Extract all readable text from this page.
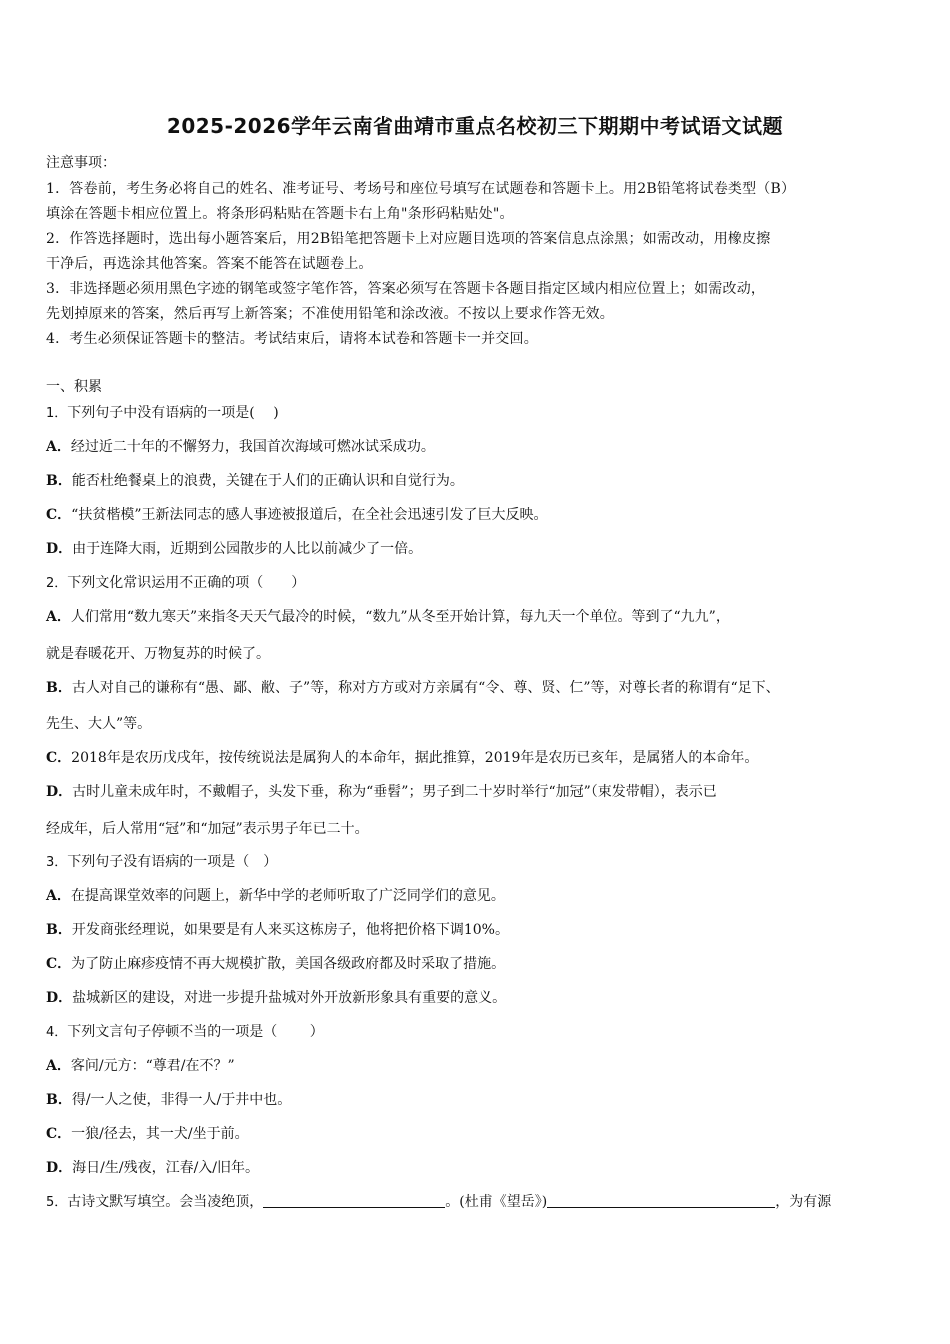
2025-2026学年云南省曲靖市重点名校初三下期期中考试语文试题
注意事项：
1．答卷前，考生务必将自己的姓名、准考证号、考场号和座位号填写在试题卷和答题卡上。用2B铅笔将试卷类型（B）
填涂在答题卡相应位置上。将条形码粘贴在答题卡右上角"条形码粘贴处"。
2．作答选择题时，选出每小题答案后，用2B铅笔把答题卡上对应题目选项的答案信息点涂黑；如需改动，用橡皮擦
干净后，再选涂其他答案。答案不能答在试题卷上。
3．非选择题必须用黑色字迹的钢笔或签字笔作答，答案必须写在答题卡各题目指定区域内相应位置上；如需改动，
先划掉原来的答案，然后再写上新答案；不准使用铅笔和涂改液。不按以上要求作答无效。
4．考生必须保证答题卡的整洁。考试结束后，请将本试卷和答题卡一并交回。
一、积累
1．下列句子中没有语病的一项是(　 )
A．经过近二十年的不懈努力，我国首次海域可燃冰试采成功。
B．能否杜绝餐桌上的浪费，关键在于人们的正确认识和自觉行为。
C．“扶贫楷模”王新法同志的感人事迹被报道后，在全社会迅速引发了巨大反映。
D．由于连降大雨，近期到公园散步的人比以前减少了一倍。
2．下列文化常识运用不正确的项（　　）
A．人们常用“数九寒天”来指冬天天气最冷的时候，“数九”从冬至开始计算，每九天一个单位。等到了“九九”，
就是春暖花开、万物复苏的时候了。
B．古人对自己的谦称有“愚、鄙、敝、子”等，称对方方或对方亲属有“令、尊、贤、仁”等，对尊长者的称谓有“足下、
先生、大人”等。
C．2018年是农历戊戌年，按传统说法是属狗人的本命年，据此推算，2019年是农历已亥年，是属猪人的本命年。
D．古时儿童未成年时，不戴帽子，头发下垂，称为“垂髫”；男子到二十岁时举行“加冠”（束发带帽），表示已
经成年，后人常用“冠”和“加冠”表示男子年已二十。
3．下列句子没有语病的一项是（　）
A．在提高课堂效率的问题上，新华中学的老师听取了广泛同学们的意见。
B．开发商张经理说，如果要是有人来买这栋房子，他将把价格下调10%。
C．为了防止麻疹疫情不再大规模扩散，美国各级政府都及时采取了措施。
D．盐城新区的建设，对进一步提升盐城对外开放新形象具有重要的意义。
4．下列文言句子停顿不当的一项是（　　 ）
A．客问/元方：“尊君/在不？”
B．得/一人之使，非得一人/于井中也。
C．一狼/径去，其一犬/坐于前。
D．海日/生/残夜，江春/入/旧年。
5．古诗文默写填空。会当凌绝顶，	。(杜甫《望岳》)	，为有源
